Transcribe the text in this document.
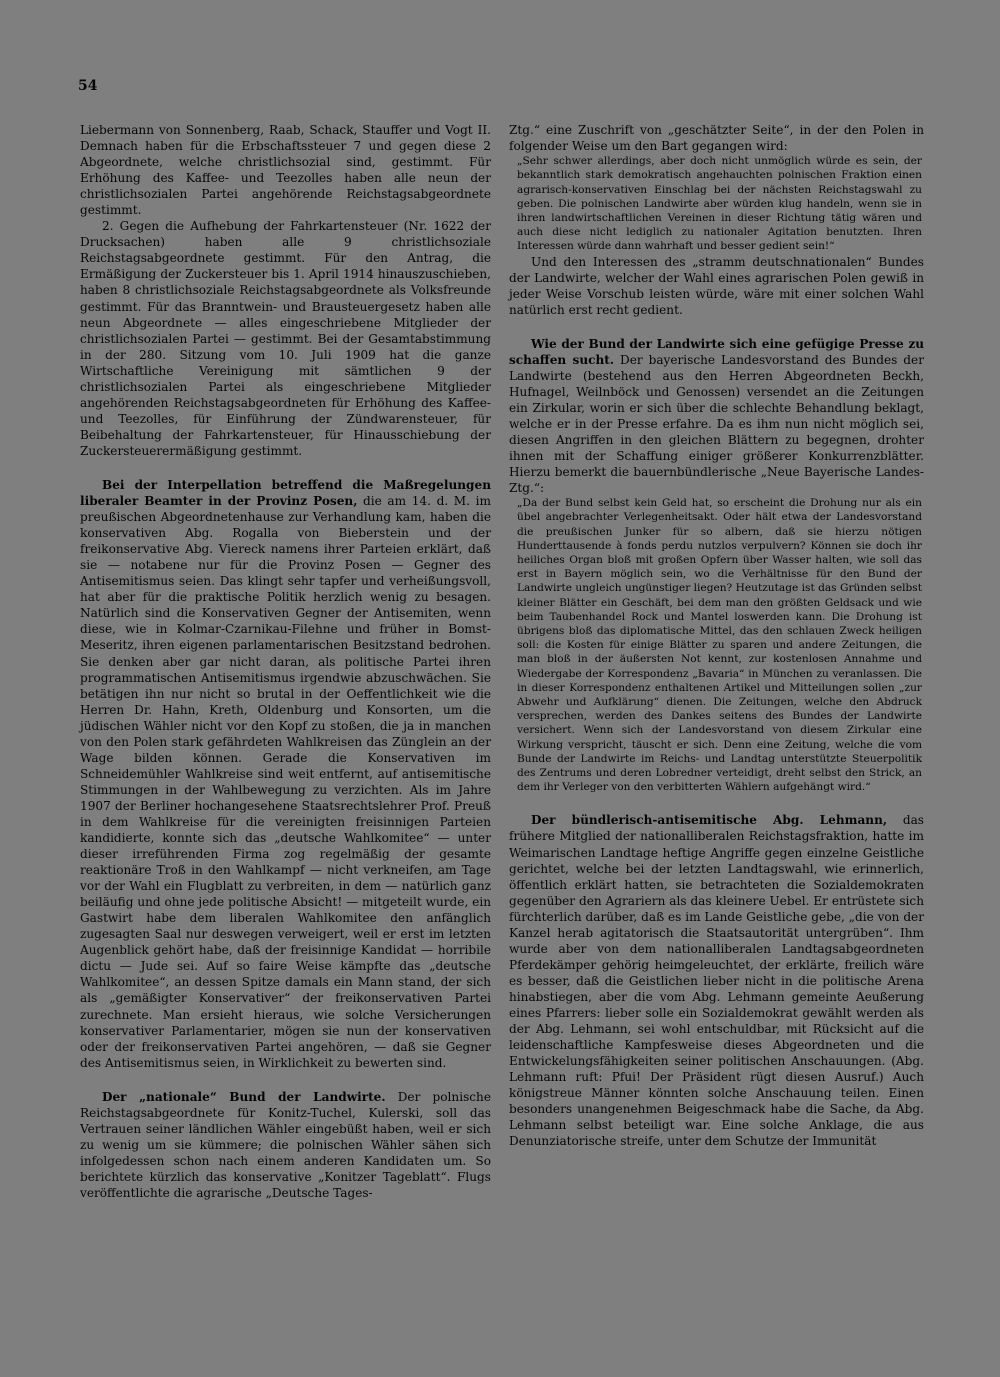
54

Liebermann von Sonnenberg, Raab, Schack, Stauffer und Vogt II. Demnach haben für die Erbschaftssteuer 7 und gegen diese 2 Abgeordnete, welche christlichsozial sind, gestimmt. Für Erhöhung des Kaffee- und Teezolles haben alle neun der christlichsozialen Partei angehörende Reichstagsabgeordnete gestimmt.

2. Gegen die Aufhebung der Fahrkartensteuer (Nr. 1622 der Drucksachen) haben alle 9 christlichsoziale Reichstagsabgeordnete gestimmt. Für den Antrag, die Ermäßigung der Zuckersteuer bis 1. April 1914 hinauszuschieben, haben 8 christlichsoziale Reichstagsabgeordnete als Volksfreunde gestimmt. Für das Branntwein- und Brausteuergesetz haben alle neun Abgeordnete — alles eingeschriebene Mitglieder der christlichsozialen Partei — gestimmt. Bei der Gesamtabstimmung in der 280. Sitzung vom 10. Juli 1909 hat die ganze Wirtschaftliche Vereinigung mit sämtlichen 9 der christlichsozialen Partei als eingeschriebene Mitglieder angehörenden Reichstagsabgeordneten für Erhöhung des Kaffee- und Teezolles, für Einführung der Zündwarensteuer, für Beibehaltung der Fahrkartensteuer, für Hinausschiebung der Zuckersteuerermäßigung gestimmt.

Bei der Interpellation betreffend die Maßregelungen liberaler Beamter in der Provinz Posen, die am 14. d. M. im preußischen Abgeordnetenhause zur Verhandlung kam, haben die konservativen Abg. Rogalla von Bieberstein und der freikonservative Abg. Viereck namens ihrer Parteien erklärt, daß sie — notabene nur für die Provinz Posen — Gegner des Antisemitismus seien. Das klingt sehr tapfer und verheißungsvoll, hat aber für die praktische Politik herzlich wenig zu besagen. Natürlich sind die Konservativen Gegner der Antisemiten, wenn diese, wie in Kolmar-Czarnikau-Filehne und früher in Bomst-Meseritz, ihren eigenen parlamentarischen Besitzstand bedrohen. Sie denken aber gar nicht daran, als politische Partei ihren programmatischen Antisemitismus irgendwie abzuschwächen. Sie betätigen ihn nur nicht so brutal in der Oeffentlichkeit wie die Herren Dr. Hahn, Kreth, Oldenburg und Konsorten, um die jüdischen Wähler nicht vor den Kopf zu stoßen, die ja in manchen von den Polen stark gefährdeten Wahlkreisen das Zünglein an der Wage bilden können. Gerade die Konservativen im Schneidemühler Wahlkreise sind weit entfernt, auf antisemitische Stimmungen in der Wahlbewegung zu verzichten. Als im Jahre 1907 der Berliner hochangesehene Staatsrechtslehrer Prof. Preuß in dem Wahlkreise für die vereinigten freisinnigen Parteien kandidierte, konnte sich das „deutsche Wahlkomitee“ — unter dieser irreführenden Firma zog regelmäßig der gesamte reaktionäre Troß in den Wahlkampf — nicht verkneifen, am Tage vor der Wahl ein Flugblatt zu verbreiten, in dem — natürlich ganz beiläufig und ohne jede politische Absicht! — mitgeteilt wurde, ein Gastwirt habe dem liberalen Wahlkomitee den anfänglich zugesagten Saal nur deswegen verweigert, weil er erst im letzten Augenblick gehört habe, daß der freisinnige Kandidat — horribile dictu — Jude sei. Auf so faire Weise kämpfte das „deutsche Wahlkomitee“, an dessen Spitze damals ein Mann stand, der sich als „gemäßigter Konservativer“ der freikonservativen Partei zurechnete. Man ersieht hieraus, wie solche Versicherungen konservativer Parlamentarier, mögen sie nun der konservativen oder der freikonservativen Partei angehören, — daß sie Gegner des Antisemitismus seien, in Wirklichkeit zu bewerten sind.

Der „nationale“ Bund der Landwirte. Der polnische Reichstagsabgeordnete für Konitz-Tuchel, Kulerski, soll das Vertrauen seiner ländlichen Wähler eingebüßt haben, weil er sich zu wenig um sie kümmere; die polnischen Wähler sähen sich infolgedessen schon nach einem anderen Kandidaten um. So berichtete kürzlich das konservative „Konitzer Tageblatt“. Flugs veröffentlichte die agrarische „Deutsche Tages-

Ztg.“ eine Zuschrift von „geschätzter Seite“, in der den Polen in folgender Weise um den Bart gegangen wird:

„Sehr schwer allerdings, aber doch nicht unmöglich würde es sein, der bekanntlich stark demokratisch angehauchten polnischen Fraktion einen agrarisch-konservativen Einschlag bei der nächsten Reichstagswahl zu geben. Die polnischen Landwirte aber würden klug handeln, wenn sie in ihren landwirtschaftlichen Vereinen in dieser Richtung tätig wären und auch diese nicht lediglich zu nationaler Agitation benutzten. Ihren Interessen würde dann wahrhaft und besser gedient sein!“

Und den Interessen des „stramm deutschnationalen“ Bundes der Landwirte, welcher der Wahl eines agrarischen Polen gewiß in jeder Weise Vorschub leisten würde, wäre mit einer solchen Wahl natürlich erst recht gedient.

Wie der Bund der Landwirte sich eine gefügige Presse zu schaffen sucht. Der bayerische Landesvorstand des Bundes der Landwirte (bestehend aus den Herren Abgeordneten Beckh, Hufnagel, Weilnböck und Genossen) versendet an die Zeitungen ein Zirkular, worin er sich über die schlechte Behandlung beklagt, welche er in der Presse erfahre. Da es ihm nun nicht möglich sei, diesen Angriffen in den gleichen Blättern zu begegnen, drohter ihnen mit der Schaffung einiger größerer Konkurrenzblätter. Hierzu bemerkt die bauernbündlerische „Neue Bayerische Landes-Ztg.“:

„Da der Bund selbst kein Geld hat, so erscheint die Drohung nur als ein übel angebrachter Verlegenheitsakt. Oder hält etwa der Landesvorstand die preußischen Junker für so albern, daß sie hierzu nötigen Hunderttausende à fonds perdu nutzlos verpulvern? Können sie doch ihr heiliches Organ bloß mit großen Opfern über Wasser halten, wie soll das erst in Bayern möglich sein, wo die Verhältnisse für den Bund der Landwirte ungleich ungünstiger liegen? Heutzutage ist das Gründen selbst kleiner Blätter ein Geschäft, bei dem man den größten Geldsack und wie beim Taubenhandel Rock und Mantel loswerden kann. Die Drohung ist übrigens bloß das diplomatische Mittel, das den schlauen Zweck heiligen soll: die Kosten für einige Blätter zu sparen und andere Zeitungen, die man bloß in der äußersten Not kennt, zur kostenlosen Annahme und Wiedergabe der Korrespondenz „Bavaria“ in München zu veranlassen. Die in dieser Korrespondenz enthaltenen Artikel und Mitteilungen sollen „zur Abwehr und Aufklärung“ dienen. Die Zeitungen, welche den Abdruck versprechen, werden des Dankes seitens des Bundes der Landwirte versichert. Wenn sich der Landesvorstand von diesem Zirkular eine Wirkung verspricht, täuscht er sich. Denn eine Zeitung, welche die vom Bunde der Landwirte im Reichs- und Landtag unterstützte Steuerpolitik des Zentrums und deren Lobredner verteidigt, dreht selbst den Strick, an dem ihr Verleger von den verbitterten Wählern aufgehängt wird.“

Der bündlerisch-antisemitische Abg. Lehmann, das frühere Mitglied der nationalliberalen Reichstagsfraktion, hatte im Weimarischen Landtage heftige Angriffe gegen einzelne Geistliche gerichtet, welche bei der letzten Landtagswahl, wie erinnerlich, öffentlich erklärt hatten, sie betrachteten die Sozialdemokraten gegenüber den Agrariern als das kleinere Uebel. Er entrüstete sich fürchterlich darüber, daß es im Lande Geistliche gebe, „die von der Kanzel herab agitatorisch die Staatsautorität untergrüben“. Ihm wurde aber von dem nationalliberalen Landtagsabgeordneten Pferdekämper gehörig heimgeleuchtet, der erklärte, freilich wäre es besser, daß die Geistlichen lieber nicht in die politische Arena hinabstiegen, aber die vom Abg. Lehmann gemeinte Aeußerung eines Pfarrers: lieber solle ein Sozialdemokrat gewählt werden als der Abg. Lehmann, sei wohl entschuldbar, mit Rücksicht auf die leidenschaftliche Kampfesweise dieses Abgeordneten und die Entwickelungsfähigkeiten seiner politischen Anschauungen. (Abg. Lehmann ruft: Pfui! Der Präsident rügt diesen Ausruf.) Auch königstreue Männer könnten solche Anschauung teilen. Einen besonders unangenehmen Beigeschmack habe die Sache, da Abg. Lehmann selbst beteiligt war. Eine solche Anklage, die aus Denunziatorische streife, unter dem Schutze der Immunität
